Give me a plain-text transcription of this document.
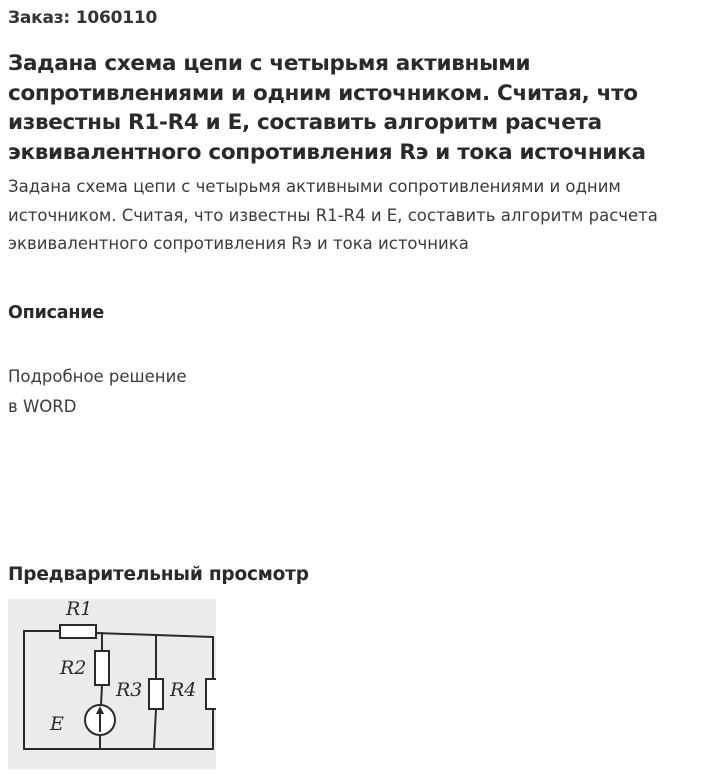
Заказ: 1060110
Задана схема цепи с четырьмя активными сопротивлениями и одним источником. Считая, что известны R1-R4 и E, составить алгоритм расчета эквивалентного сопротивления Rэ и тока источника

Задана схема цепи с четырьмя активными сопротивлениями и одним источником. Считая, что известны R1-R4 и E, составить алгоритм расчета эквивалентного сопротивления Rэ и тока источника

Описание

Подробное решение

в WORD

Предварительный просмотр
R1
R2
R3 R4
E
